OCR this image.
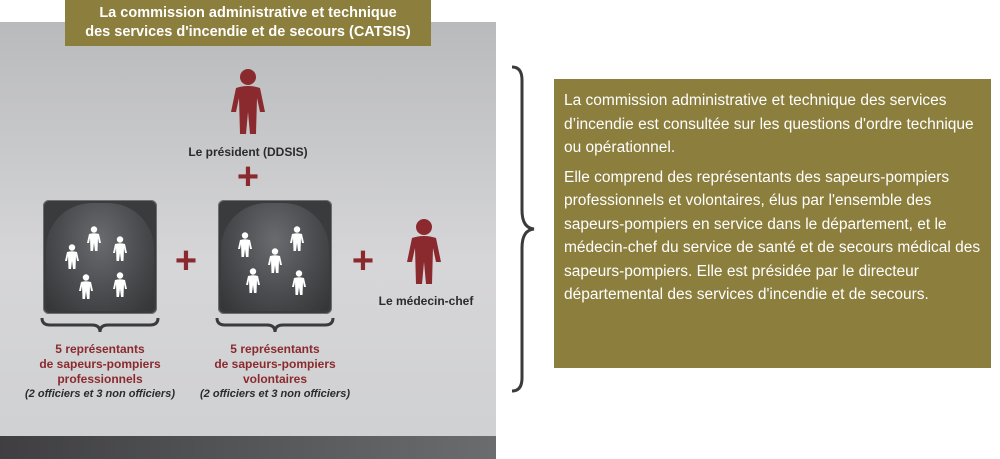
La commission administrative et technique
des services d'incendie et de secours (CATSIS)
Le président (DDSIS)
+
+	+
Le médecin-chef
5 représentants
de sapeurs-pompiers
professionnels
(2 officiers et 3 non officiers)
5 représentants
de sapeurs-pompiers
volontaires
(2 officiers et 3 non officiers)

La commission administrative et technique des services d’incendie est consultée sur les questions d'ordre technique ou opérationnel.

Elle comprend des représentants des sapeurs-pompiers professionnels et volontaires, élus par l'ensemble des sapeurs-pompiers en service dans le département, et le médecin-chef du service de santé et de secours médical des sapeurs-pompiers. Elle est présidée par le directeur départemental des services d'incendie et de secours.
